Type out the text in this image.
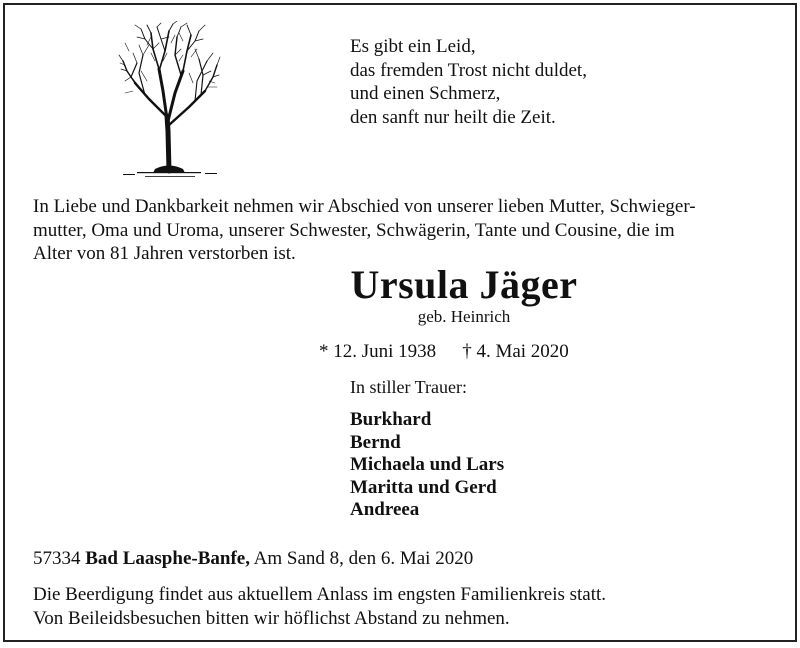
Es gibt ein Leid,
das fremden Trost nicht duldet,
und einen Schmerz,
den sanft nur heilt die Zeit.
In Liebe und Dankbarkeit nehmen wir Abschied von unserer lieben Mutter, Schwieger-
mutter, Oma und Uroma, unserer Schwester, Schwägerin, Tante und Cousine, die im
Alter von 81 Jahren verstorben ist.
Ursula Jäger
geb. Heinrich
* 12. Juni 1938 † 4. Mai 2020
In stiller Trauer:
Burkhard
Bernd
Michaela und Lars
Maritta und Gerd
Andreea
57334 Bad Laasphe-Banfe, Am Sand 8, den 6. Mai 2020
Die Beerdigung findet aus aktuellem Anlass im engsten Familienkreis statt.
Von Beileidsbesuchen bitten wir höflichst Abstand zu nehmen.
